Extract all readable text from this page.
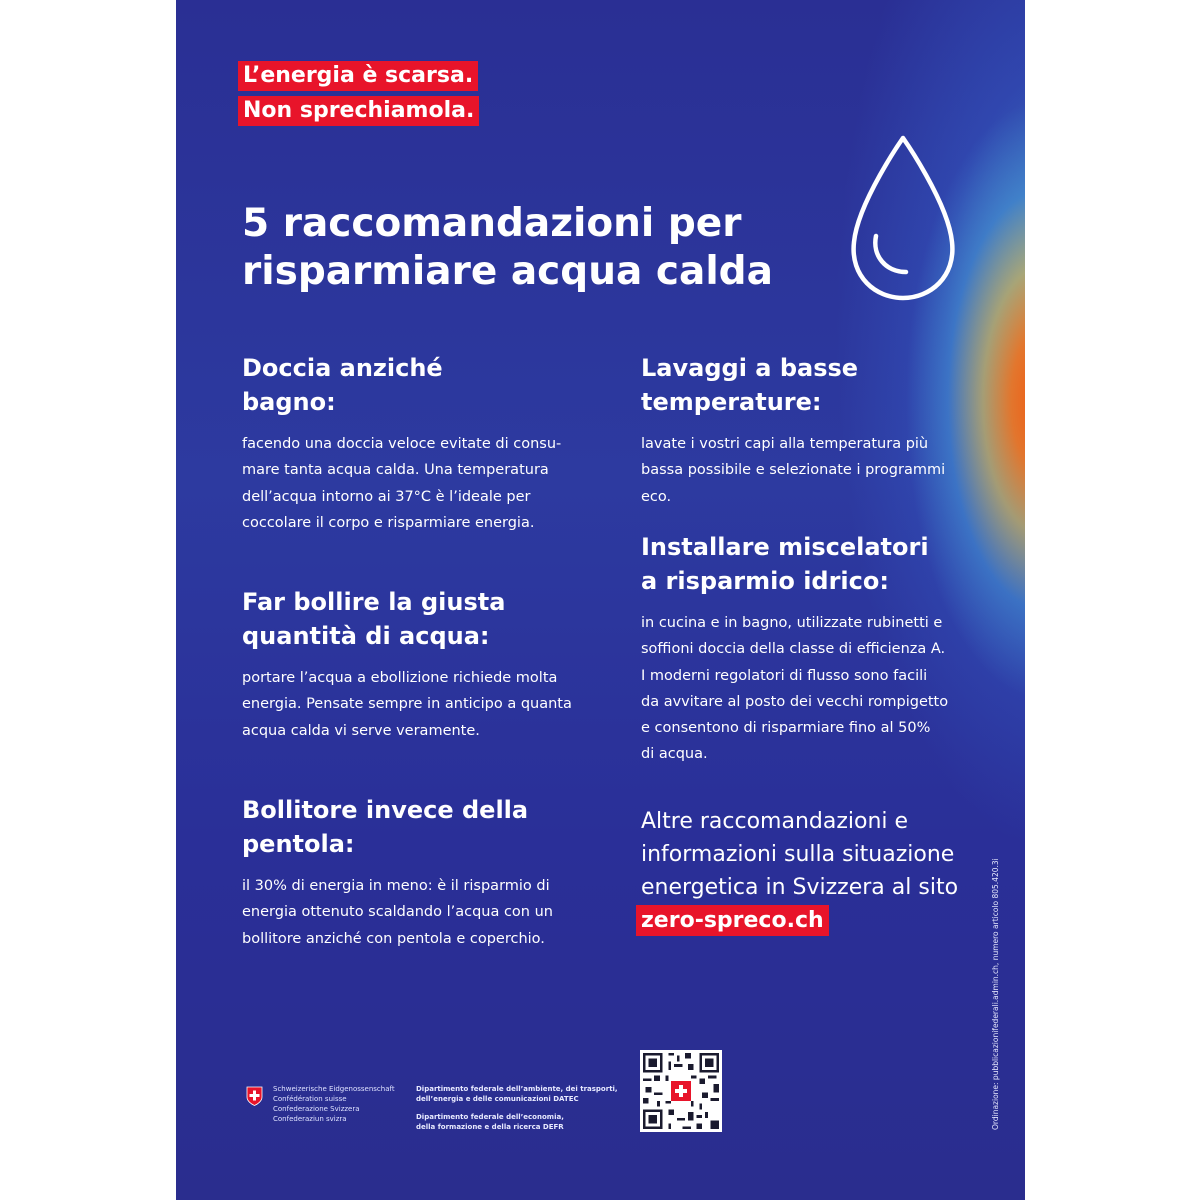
L’energia è scarsa.
Non sprechiamola.
5 raccomandazioni per
risparmiare acqua calda
Doccia anziché
bagno:

facendo una doccia veloce evitate di consu-
mare tanta acqua calda. Una temperatura
dell’acqua intorno ai 37°C è l’ideale per
coccolare il corpo e risparmiare energia.

Far bollire la giusta
quantità di acqua:

portare l’acqua a ebollizione richiede molta
energia. Pensate sempre in anticipo a quanta
acqua calda vi serve veramente.

Bollitore invece della
pentola:

il 30% di energia in meno: è il risparmio di
energia ottenuto scaldando l’acqua con un
bollitore anziché con pentola e coperchio.

Lavaggi a basse
temperature:

lavate i vostri capi alla temperatura più
bassa possibile e selezionate i programmi
eco.

Installare miscelatori
a risparmio idrico:

in cucina e in bagno, utilizzate rubinetti e
soffioni doccia della classe di efficienza A.
I moderni regolatori di flusso sono facili
da avvitare al posto dei vecchi rompigetto
e consentono di risparmiare fino al 50%
di acqua.

Altre raccomandazioni e
informazioni sulla situazione
energetica in Svizzera al sito
zero-spreco.ch	Ordinazione: pubblicazionifederali.admin.ch, numero articolo 805.420.3i
Schweizerische Eidgenossenschaft
Confédération suisse
Confederazione Svizzera
Confederaziun svizra
Dipartimento federale dell’ambiente, dei trasporti,
dell’energia e delle comunicazioni DATEC
Dipartimento federale dell’economia,
della formazione e della ricerca DEFR
